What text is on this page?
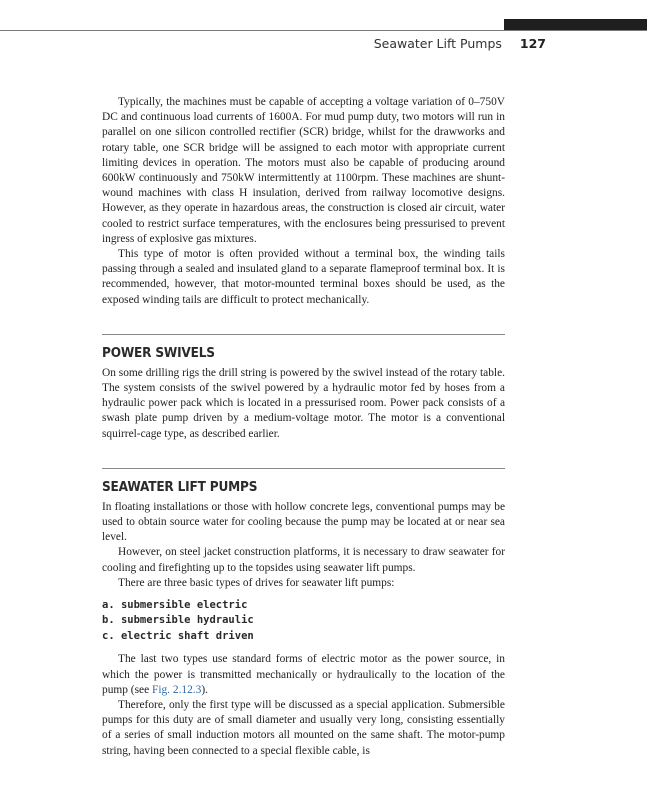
Seawater Lift Pumps 127

Typically, the machines must be capable of accepting a voltage variation of 0–750V DC and continuous load currents of 1600A. For mud pump duty, two motors will run in parallel on one silicon controlled rectifier (SCR) bridge, whilst for the drawworks and rotary table, one SCR bridge will be assigned to each motor with appropriate current limiting devices in operation. The motors must also be capable of producing around 600kW continuously and 750kW intermittently at 1100rpm. These machines are shunt-wound machines with class H insulation, derived from railway locomotive designs. However, as they operate in hazardous areas, the construction is closed air circuit, water cooled to restrict surface temperatures, with the enclosures being pressurised to prevent ingress of explosive gas mixtures.

This type of motor is often provided without a terminal box, the winding tails passing through a sealed and insulated gland to a separate flameproof terminal box. It is recommended, however, that motor-mounted terminal boxes should be used, as the exposed winding tails are difficult to protect mechanically.

POWER SWIVELS

On some drilling rigs the drill string is powered by the swivel instead of the rotary table. The system consists of the swivel powered by a hydraulic motor fed by hoses from a hydraulic power pack which is located in a pressurised room. Power pack consists of a swash plate pump driven by a medium-voltage motor. The motor is a conventional squirrel-cage type, as described earlier.

SEAWATER LIFT PUMPS

In floating installations or those with hollow concrete legs, conventional pumps may be used to obtain source water for cooling because the pump may be located at or near sea level.

However, on steel jacket construction platforms, it is necessary to draw seawater for cooling and firefighting up to the topsides using seawater lift pumps.

There are three basic types of drives for seawater lift pumps:

a. submersible electric
b. submersible hydraulic
c. electric shaft driven

The last two types use standard forms of electric motor as the power source, in which the power is transmitted mechanically or hydraulically to the location of the pump (see Fig. 2.12.3).

Therefore, only the first type will be discussed as a special application. Submersible pumps for this duty are of small diameter and usually very long, consisting essentially of a series of small induction motors all mounted on the same shaft. The motor-pump string, having been connected to a special flexible cable, is
